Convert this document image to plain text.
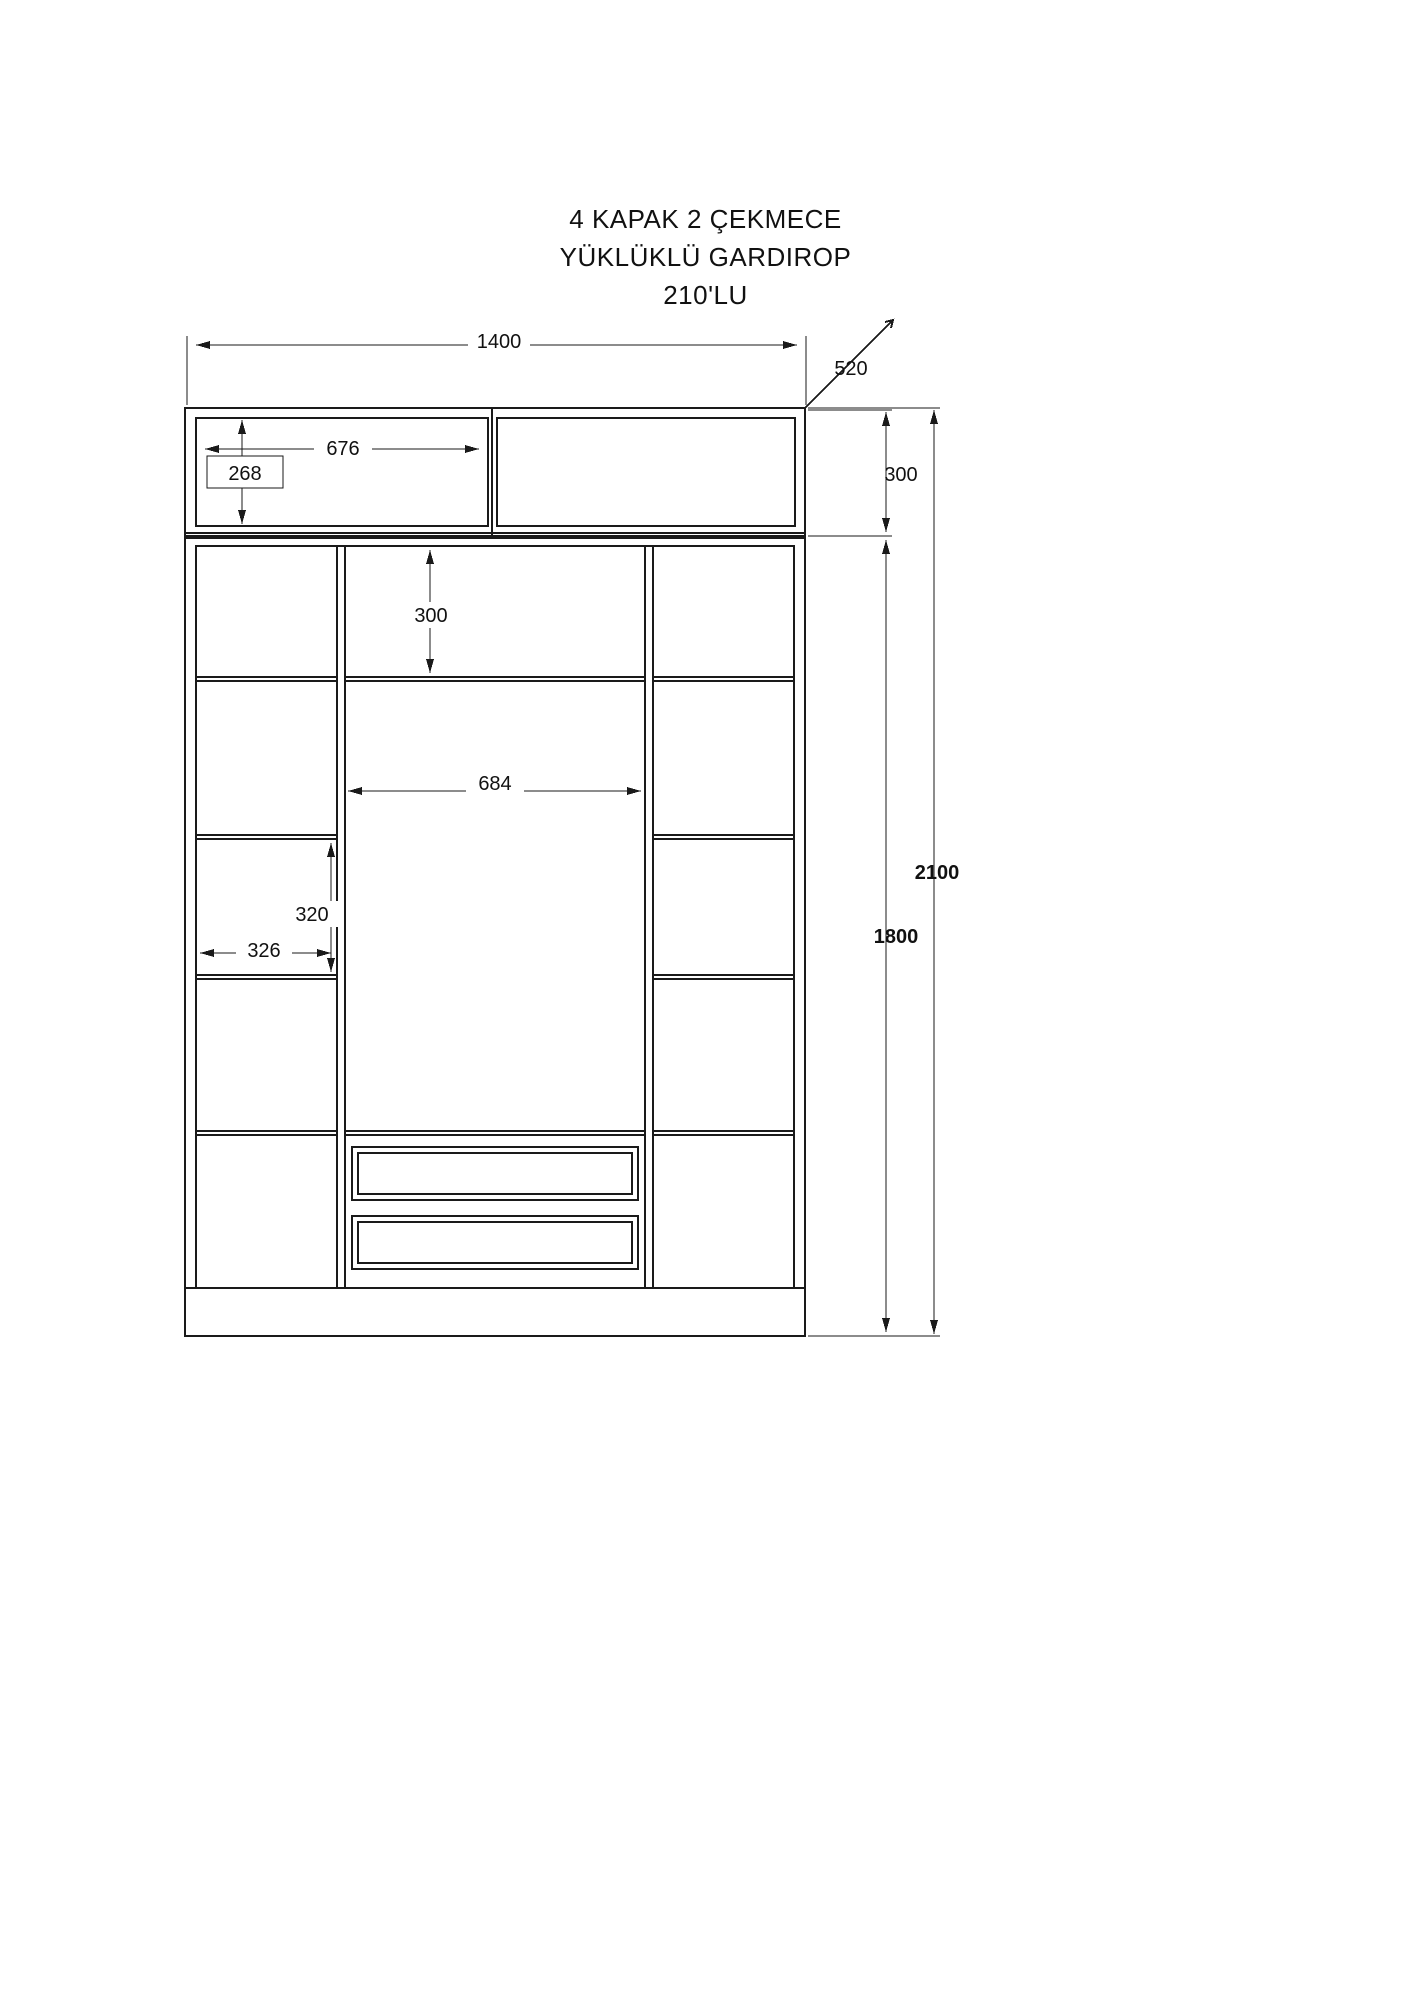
4 KAPAK 2 ÇEKMECE
YÜKLÜKLÜ GARDIROP
210'LU
1400
520
300
676
268
300
684
320
326
2100
1800
